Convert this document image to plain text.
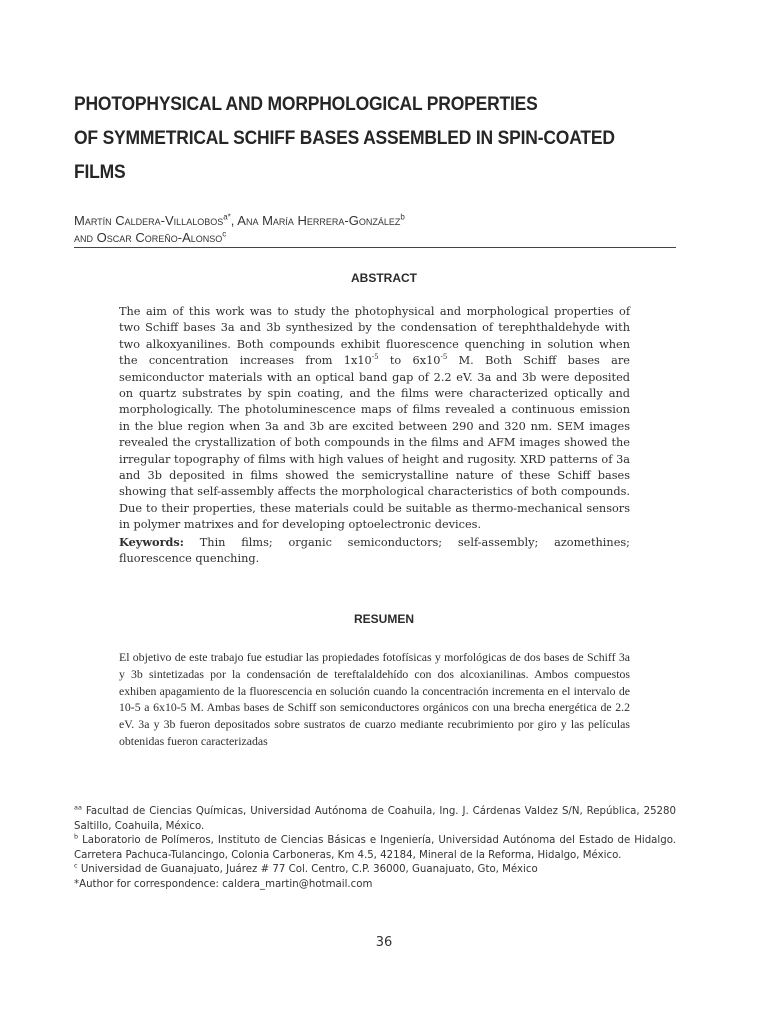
PHOTOPHYSICAL AND MORPHOLOGICAL PROPERTIES
OF SYMMETRICAL SCHIFF BASES ASSEMBLED IN SPIN-COATED
FILMS
Martín Caldera-Villalobos$^{a*}$, Ana María Herrera-González$^b$
and Oscar Coreño-Alonso$^c$
ABSTRACT

The aim of this work was to study the photophysical and morphological properties of two Schiff bases 3a and 3b synthesized by the condensation of terephthaldehyde with two alkoxyanilines. Both compounds exhibit fluorescence quenching in solution when the concentration increases from $1x10^{-5}$ to $6x10^{-5}$ M. Both Schiff bases are semiconductor materials with an optical band gap of 2.2 eV. 3a and 3b were deposited on quartz substrates by spin coating, and the films were characterized optically and morphologically. The photoluminescence maps of films revealed a continuous emission in the blue region when 3a and 3b are excited between 290 and 320 nm. SEM images revealed the crystallization of both compounds in the films and AFM images showed the irregular topography of films with high values of height and rugosity. XRD patterns of 3a and 3b deposited in films showed the semicrystalline nature of these Schiff bases showing that self-assembly affects the morphological characteristics of both compounds. Due to their properties, these materials could be suitable as thermo-mechanical sensors in polymer matrixes and for developing optoelectronic devices.

Keywords: Thin films; organic semiconductors; self-assembly; azomethines; fluorescence quenching.

RESUMEN
El objetivo de este trabajo fue estudiar las propiedades fotofísicas y morfológicas de dos bases de Schiff 3a y 3b sintetizadas por la condensación de tereftalaldehído con dos alcoxianilinas. Ambos compuestos exhiben apagamiento de la fluorescencia en solución cuando la concentración incrementa en el intervalo de 10-5 a 6x10-5 M. Ambas bases de Schiff son semiconductores orgánicos con una brecha energética de 2.2 eV. 3a y 3b fueron depositados sobre sustratos de cuarzo mediante recubrimiento por giro y las películas obtenidas fueron caracterizadas

$^{aa}$ Facultad de Ciencias Químicas, Universidad Autónoma de Coahuila, Ing. J. Cárdenas Valdez S/N, República, 25280 Saltillo, Coahuila, México.

$^b$ Laboratorio de Polímeros, Instituto de Ciencias Básicas e Ingeniería, Universidad Autónoma del Estado de Hidalgo. Carretera Pachuca-Tulancingo, Colonia Carboneras, Km 4.5, 42184, Mineral de la Reforma, Hidalgo, México.

$^c$ Universidad de Guanajuato, Juárez # 77 Col. Centro, C.P. 36000, Guanajuato, Gto, México

*Author for correspondence: caldera_martin@hotmail.com

36
